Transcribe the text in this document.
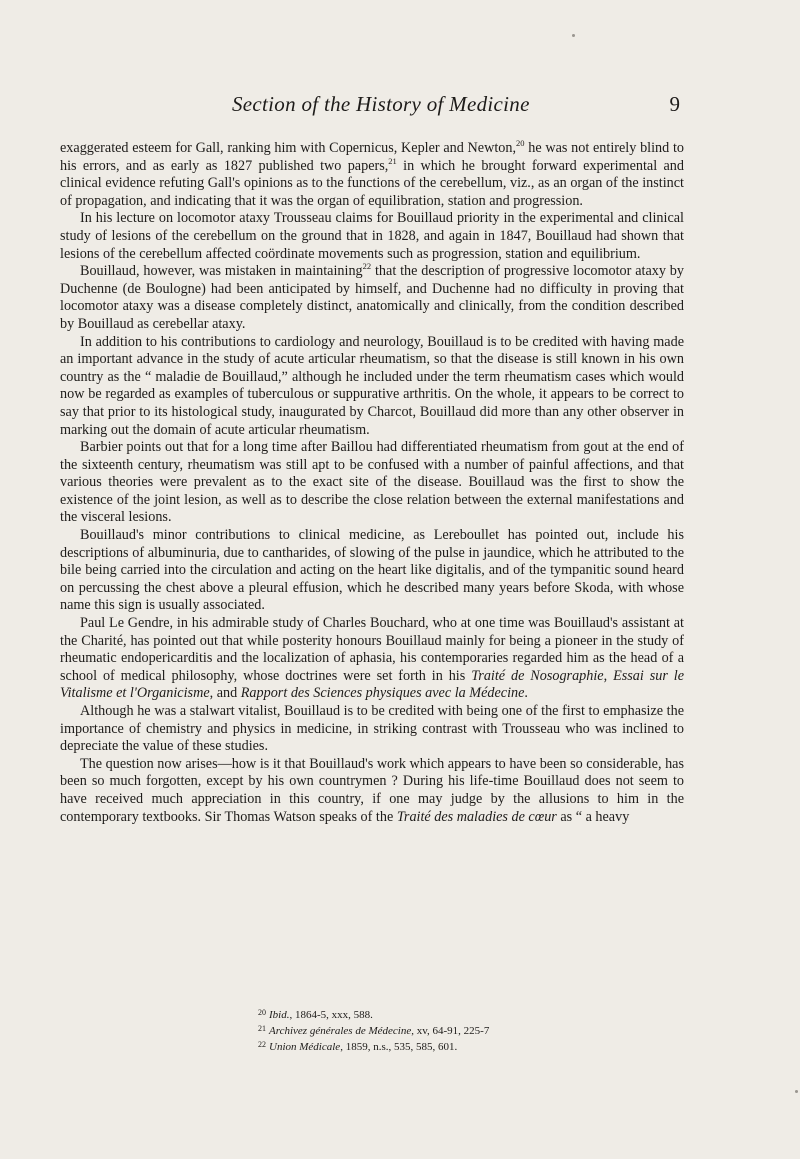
Section of the History of Medicine	9

exaggerated esteem for Gall, ranking him with Copernicus, Kepler and Newton,$^{20}$ he was not entirely blind to his errors, and as early as 1827 published two papers,$^{21}$ in which he brought forward experimental and clinical evidence refuting Gall's opinions as to the functions of the cerebellum, viz., as an organ of the instinct of propagation, and indicating that it was the organ of equilibration, station and progression.

In his lecture on locomotor ataxy Trousseau claims for Bouillaud priority in the experimental and clinical study of lesions of the cerebellum on the ground that in 1828, and again in 1847, Bouillaud had shown that lesions of the cerebellum affected coördinate movements such as progression, station and equilibrium.

Bouillaud, however, was mistaken in maintaining$^{22}$ that the description of progressive locomotor ataxy by Duchenne (de Boulogne) had been anticipated by himself, and Duchenne had no difficulty in proving that locomotor ataxy was a disease completely distinct, anatomically and clinically, from the condition described by Bouillaud as cerebellar ataxy.

In addition to his contributions to cardiology and neurology, Bouillaud is to be credited with having made an important advance in the study of acute articular rheumatism, so that the disease is still known in his own country as the “ maladie de Bouillaud,” although he included under the term rheumatism cases which would now be regarded as examples of tuberculous or suppurative arthritis. On the whole, it appears to be correct to say that prior to its histological study, inaugurated by Charcot, Bouillaud did more than any other observer in marking out the domain of acute articular rheumatism.

Barbier points out that for a long time after Baillou had differentiated rheumatism from gout at the end of the sixteenth century, rheumatism was still apt to be confused with a number of painful affections, and that various theories were prevalent as to the exact site of the disease. Bouillaud was the first to show the existence of the joint lesion, as well as to describe the close relation between the external manifestations and the visceral lesions.

Bouillaud's minor contributions to clinical medicine, as Lereboullet has pointed out, include his descriptions of albuminuria, due to cantharides, of slowing of the pulse in jaundice, which he attributed to the bile being carried into the circulation and acting on the heart like digitalis, and of the tympanitic sound heard on percussing the chest above a pleural effusion, which he described many years before Skoda, with whose name this sign is usually associated.

Paul Le Gendre, in his admirable study of Charles Bouchard, who at one time was Bouillaud's assistant at the Charité, has pointed out that while posterity honours Bouillaud mainly for being a pioneer in the study of rheumatic endopericarditis and the localization of aphasia, his contemporaries regarded him as the head of a school of medical philosophy, whose doctrines were set forth in his Traité de Nosographie, Essai sur le Vitalisme et l'Organicisme, and Rapport des Sciences physiques avec la Médecine.

Although he was a stalwart vitalist, Bouillaud is to be credited with being one of the first to emphasize the importance of chemistry and physics in medicine, in striking contrast with Trousseau who was inclined to depreciate the value of these studies.

The question now arises—how is it that Bouillaud's work which appears to have been so considerable, has been so much forgotten, except by his own countrymen ? During his life-time Bouillaud does not seem to have received much appreciation in this country, if one may judge by the allusions to him in the contemporary textbooks. Sir Thomas Watson speaks of the Traité des maladies de cœur as “ a heavy

$^{20}$ Ibid., 1864-5, xxx, 588.
$^{21}$ Archivez générales de Médecine, xv, 64-91, 225-7
$^{22}$ Union Médicale, 1859, n.s., 535, 585, 601.
